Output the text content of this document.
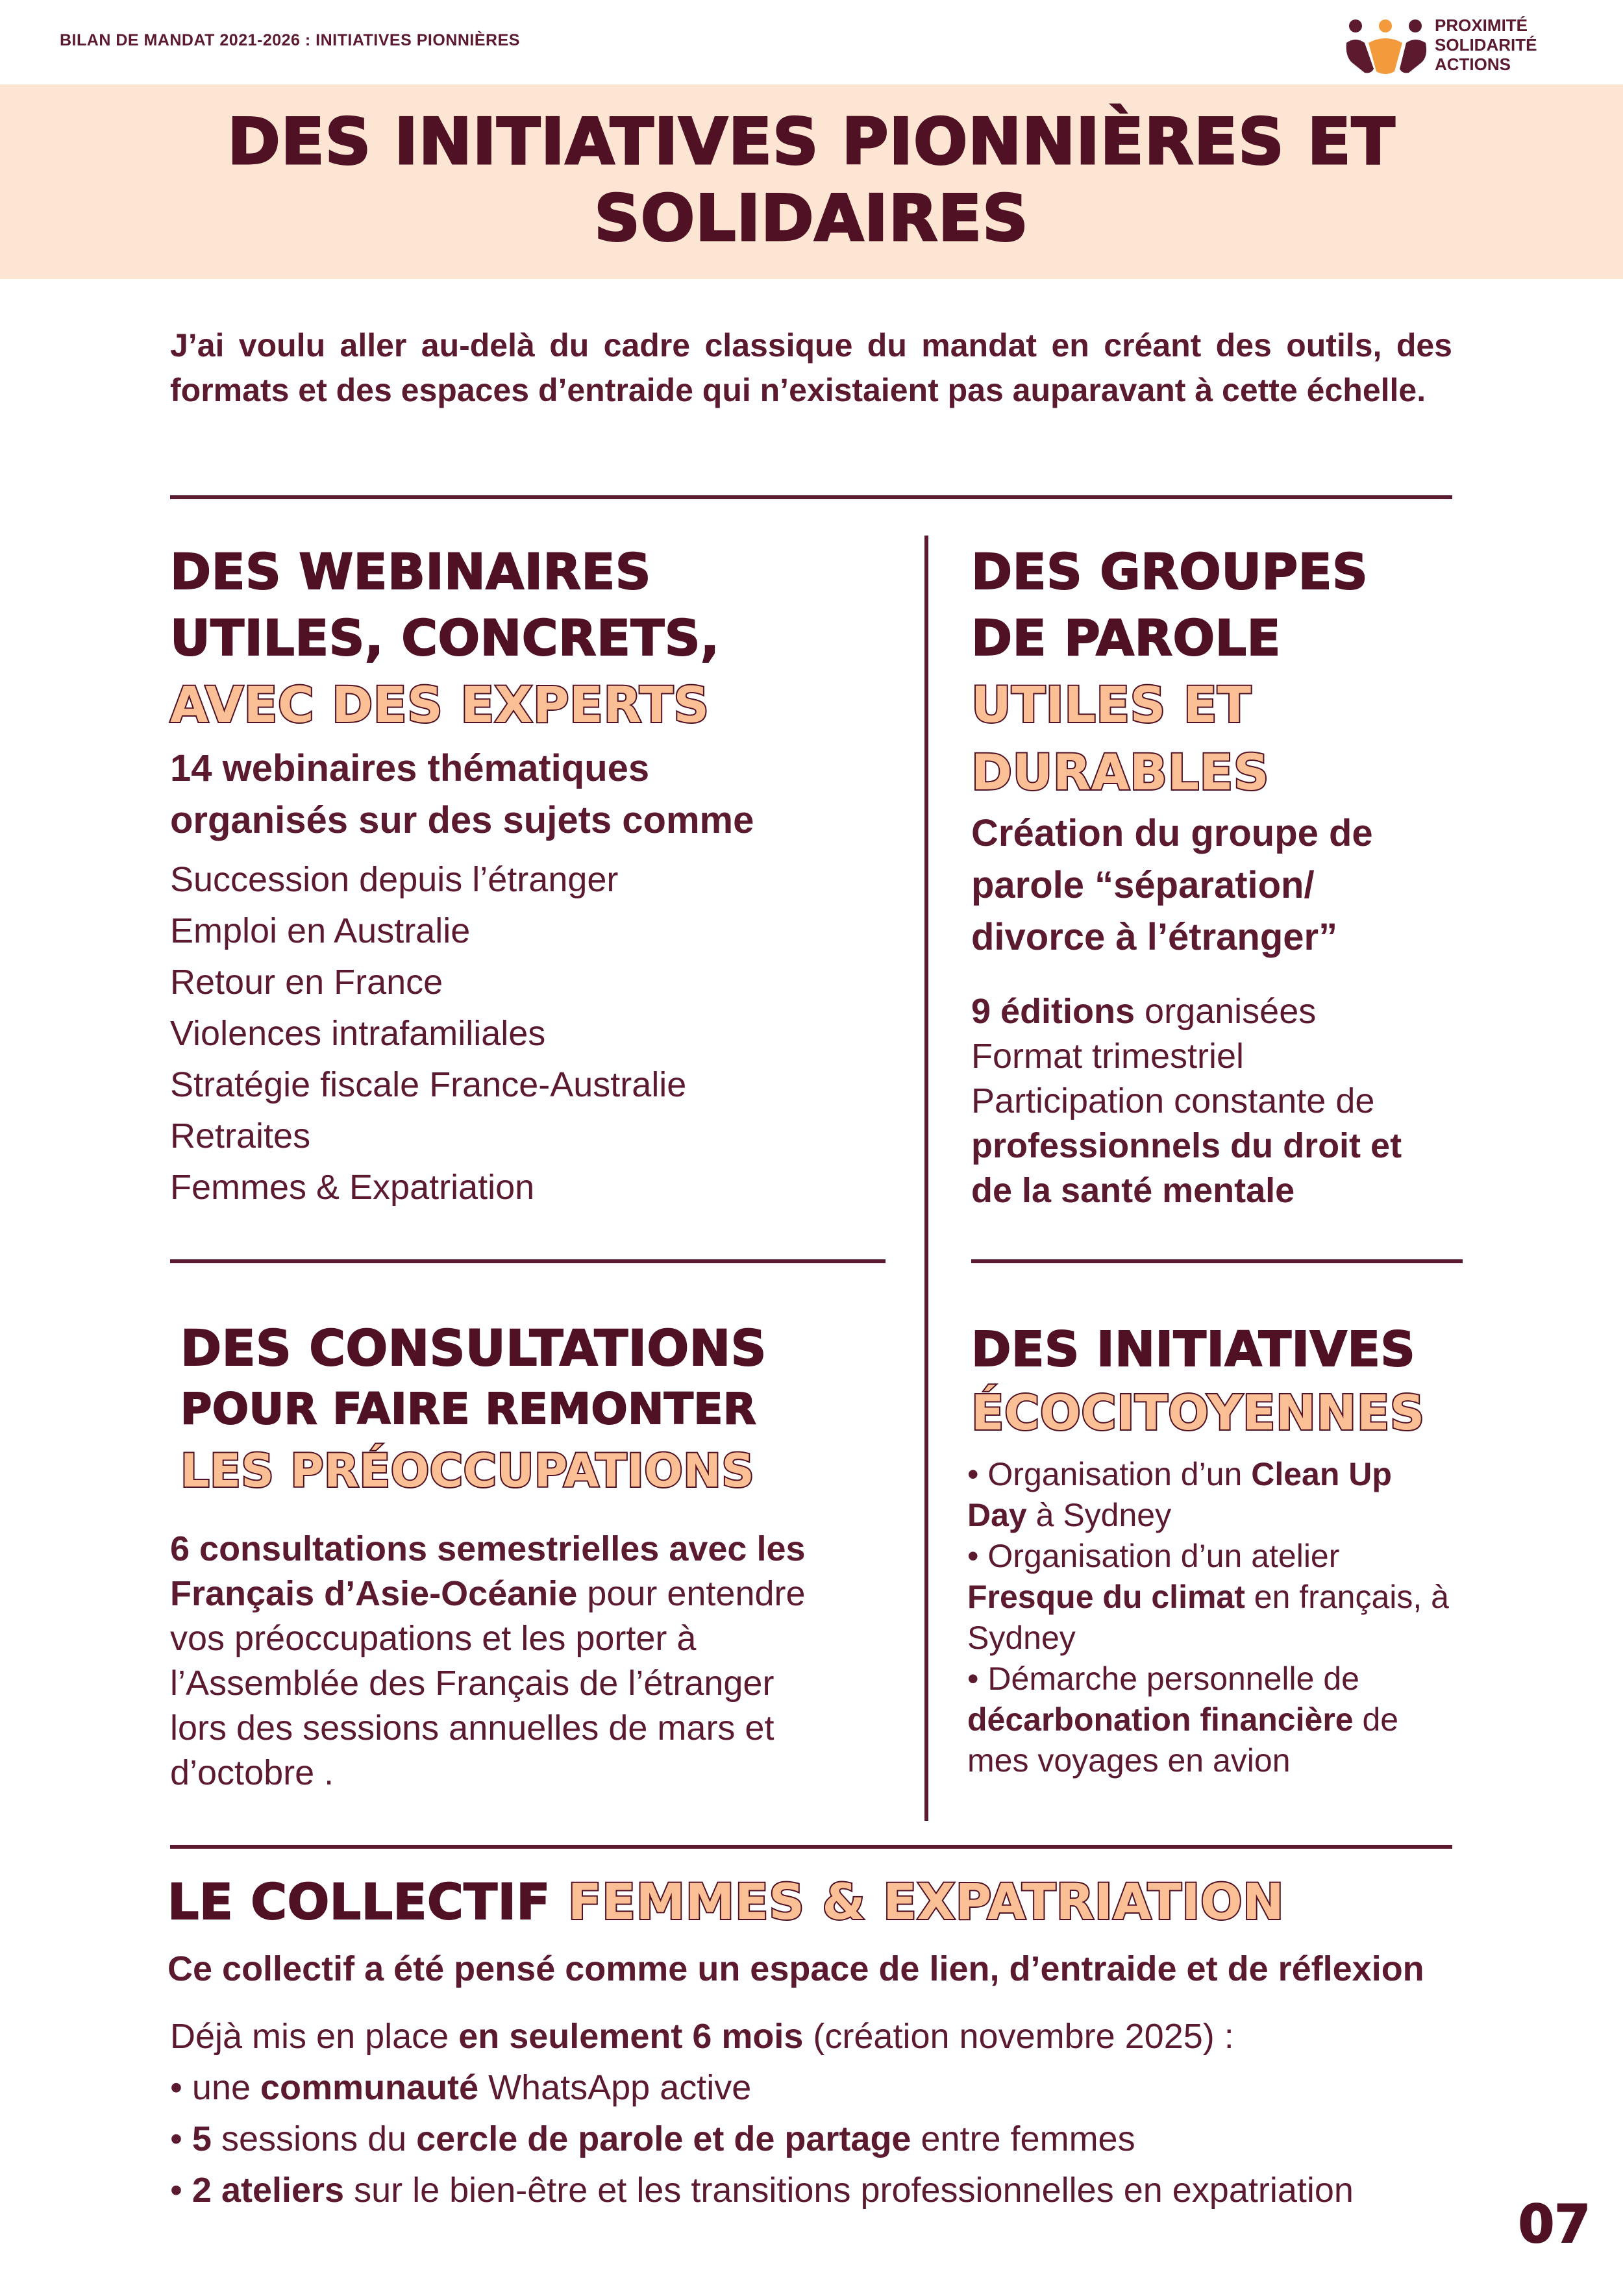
BILAN DE MANDAT 2021-2026 : INITIATIVES PIONNIÈRES
PROXIMITÉ
SOLIDARITÉ
ACTIONS
DES INITIATIVES PIONNIÈRES ET
SOLIDAIRES
J’ai voulu aller au-delà du cadre classique du mandat en créant des outils, des formats et des espaces d’entraide qui n’existaient pas auparavant à cette échelle.
DES WEBINAIRES
UTILES, CONCRETS,
AVEC DES EXPERTS
14 webinaires thématiques
organisés sur des sujets comme
Succession depuis l’étranger
Emploi en Australie
Retour en France
Violences intrafamiliales
Stratégie fiscale France-Australie
Retraites
Femmes & Expatriation
DES GROUPES
DE PAROLE
UTILES ET
DURABLES
Création du groupe de
parole “séparation/
divorce à l’étranger”
9 éditions organisées
Format trimestriel
Participation constante de
professionnels du droit et
de la santé mentale
DES CONSULTATIONS
POUR FAIRE REMONTER
LES PRÉOCCUPATIONS
6 consultations semestrielles avec les
Français d’Asie-Océanie pour entendre
vos préoccupations et les porter à
l’Assemblée des Français de l’étranger
lors des sessions annuelles de mars et
d’octobre .
DES INITIATIVES
ÉCOCITOYENNES
• Organisation d’un Clean Up
Day à Sydney
• Organisation d’un atelier
Fresque du climat en français, à
Sydney
• Démarche personnelle de
décarbonation financière de
mes voyages en avion
LE COLLECTIF FEMMES & EXPATRIATION
Ce collectif a été pensé comme un espace de lien, d’entraide et de réflexion
Déjà mis en place en seulement 6 mois (création novembre 2025) :
• une communauté WhatsApp active
• 5 sessions du cercle de parole et de partage entre femmes
• 2 ateliers sur le bien-être et les transitions professionnelles en expatriation
07
